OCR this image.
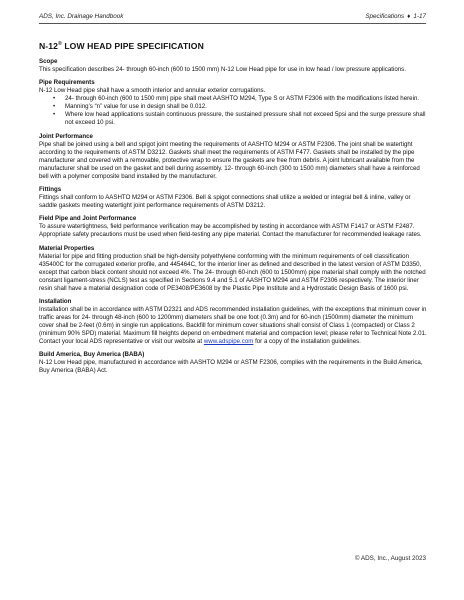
ADS, Inc. Drainage Handbook	Specifications ♦ 1-17
N-12® LOW HEAD PIPE SPECIFICATION
Scope

This specification describes 24- through 60-inch (600 to 1500 mm) N-12 Low Head pipe for use in low head / low pressure applications.

Pipe Requirements

N-12 Low Head pipe shall have a smooth interior and annular exterior corrugations.

• 24- through 60-inch (600 to 1500 mm) pipe shall meet AASHTO M294, Type S or ASTM F2306 with the modifications listed herein.
• Manning’s “n” value for use in design shall be 0.012.
• Where low head applications sustain continuous pressure, the sustained pressure shall not exceed 5psi and the surge pressure shall not exceed 10 psi.
Joint Performance

Pipe shall be joined using a bell and spigot joint meeting the requirements of AASHTO M294 or ASTM F2306. The joint shall be watertight according to the requirements of ASTM D3212. Gaskets shall meet the requirements of ASTM F477. Gaskets shall be installed by the pipe manufacturer and covered with a removable, protective wrap to ensure the gaskets are free from debris. A joint lubricant available from the manufacturer shall be used on the gasket and bell during assembly. 12- through 60-inch (300 to 1500 mm) diameters shall have a reinforced bell with a polymer composite band installed by the manufacturer.

Fittings

Fittings shall conform to AASHTO M294 or ASTM F2306. Bell & spigot connections shall utilize a welded or integral bell & inline, valley or saddle gaskets meeting watertight joint performance requirements of ASTM D3212.

Field Pipe and Joint Performance

To assure watertightness, field performance verification may be accomplished by testing in accordance with ASTM F1417 or ASTM F2487. Appropriate safety precautions must be used when field-testing any pipe material. Contact the manufacturer for recommended leakage rates.

Material Properties

Material for pipe and fitting production shall be high-density polyethylene conforming with the minimum requirements of cell classification 435400C for the corrugated exterior profile, and 445464C, for the interior liner as defined and described in the latest version of ASTM D3350, except that carbon black content should not exceed 4%. The 24- through 60-inch (600 to 1500mm) pipe material shall comply with the notched constant ligament-stress (NCLS) test as specified in Sections 9.4 and 5.1 of AASHTO M294 and ASTM F2306 respectively. The interior liner resin shall have a material designation code of PE3408/PE3608 by the Plastic Pipe Institute and a Hydrostatic Design Basis of 1600 psi.

Installation

Installation shall be in accordance with ASTM D2321 and ADS recommended installation guidelines, with the exceptions that minimum cover in traffic areas for 24- through 48-inch (600 to 1200mm) diameters shall be one foot (0.3m) and for 60-inch (1500mm) diameter the minimum cover shall be 2-feet (0.6m) in single run applications. Backfill for minimum cover situations shall consist of Class 1 (compacted) or Class 2 (minimum 90% SPD) material. Maximum fill heights depend on embedment material and compaction level; please refer to Technical Note 2.01. Contact your local ADS representative or visit our website at www.adspipe.com for a copy of the installation guidelines.

Build America, Buy America (BABA)

N-12 Low Head pipe, manufactured in accordance with AASHTO M294 or ASTM F2306, complies with the requirements in the Build America, Buy America (BABA) Act.

© ADS, Inc., August 2023
